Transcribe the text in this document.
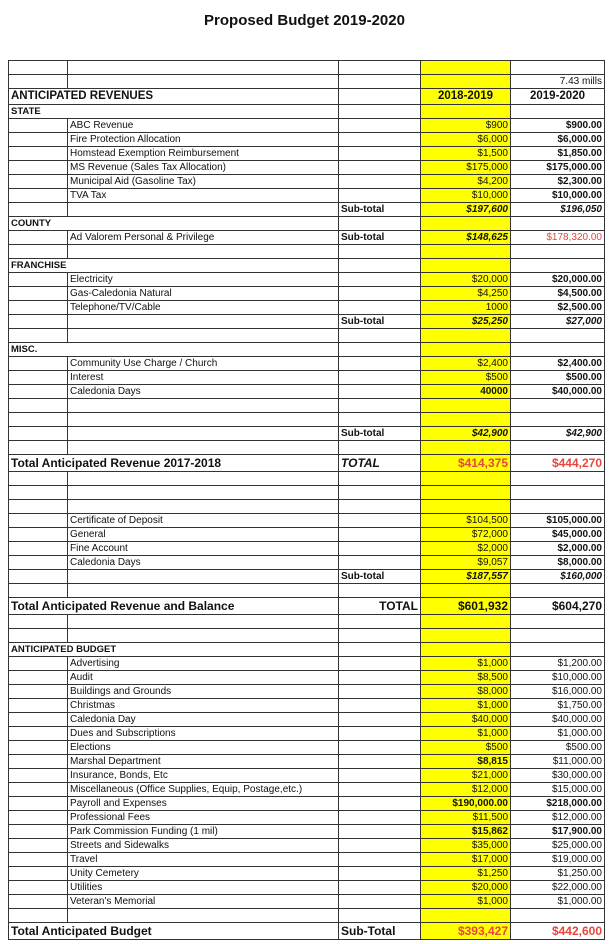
Proposed Budget 2019-2020

				7.43 mills
ANTICIPATED REVENUES			2018-2019	2019-2020
STATE				
	ABC Revenue		$900	$900.00
	Fire Protection Allocation		$6,000	$6,000.00
	Homstead Exemption Reimbursement		$1,500	$1,850.00
	MS Revenue (Sales Tax Allocation)		$175,000	$175,000.00
	Municipal Aid (Gasoline Tax)		$4,200	$2,300.00
	TVA Tax		$10,000	$10,000.00
		Sub-total	$197,600	$196,050
COUNTY				
	Ad Valorem Personal & Privilege	Sub-total	$148,625	$178,320.00

FRANCHISE				
	Electricity		$20,000	$20,000.00
	Gas-Caledonia Natural		$4,250	$4,500.00
	Telephone/TV/Cable		1000	$2,500.00
		Sub-total	$25,250	$27,000

MISC.				
	Community Use Charge / Church		$2,400	$2,400.00
	Interest		$500	$500.00
	Caledonia Days		40000	$40,000.00

		Sub-total	$42,900	$42,900

Total Anticipated Revenue 2017-2018		TOTAL	$414,375	$444,270

	Certificate of Deposit		$104,500	$105,000.00
	General		$72,000	$45,000.00
	Fine Account		$2,000	$2,000.00
	Caledonia Days		$9,057	$8,000.00
		Sub-total	$187,557	$160,000

Total Anticipated Revenue and Balance		TOTAL	$601,932	$604,270

ANTICIPATED BUDGET				
	Advertising		$1,000	$1,200.00
	Audit		$8,500	$10,000.00
	Buildings and Grounds		$8,000	$16,000.00
	Christmas		$1,000	$1,750.00
	Caledonia Day		$40,000	$40,000.00
	Dues and Subscriptions		$1,000	$1,000.00
	Elections		$500	$500.00
	Marshal Department		$8,815	$11,000.00
	Insurance, Bonds, Etc		$21,000	$30,000.00
	Miscellaneous (Office Supplies, Equip, Postage,etc.)		$12,000	$15,000.00
	Payroll and Expenses		$190,000.00	$218,000.00
	Professional Fees		$11,500	$12,000.00
	Park Commission Funding (1 mil)		$15,862	$17,900.00
	Streets and Sidewalks		$35,000	$25,000.00
	Travel		$17,000	$19,000.00
	Unity Cemetery		$1,250	$1,250.00
	Utilities		$20,000	$22,000.00
	Veteran's Memorial		$1,000	$1,000.00

Total Anticipated Budget		Sub-Total	$393,427	$442,600
